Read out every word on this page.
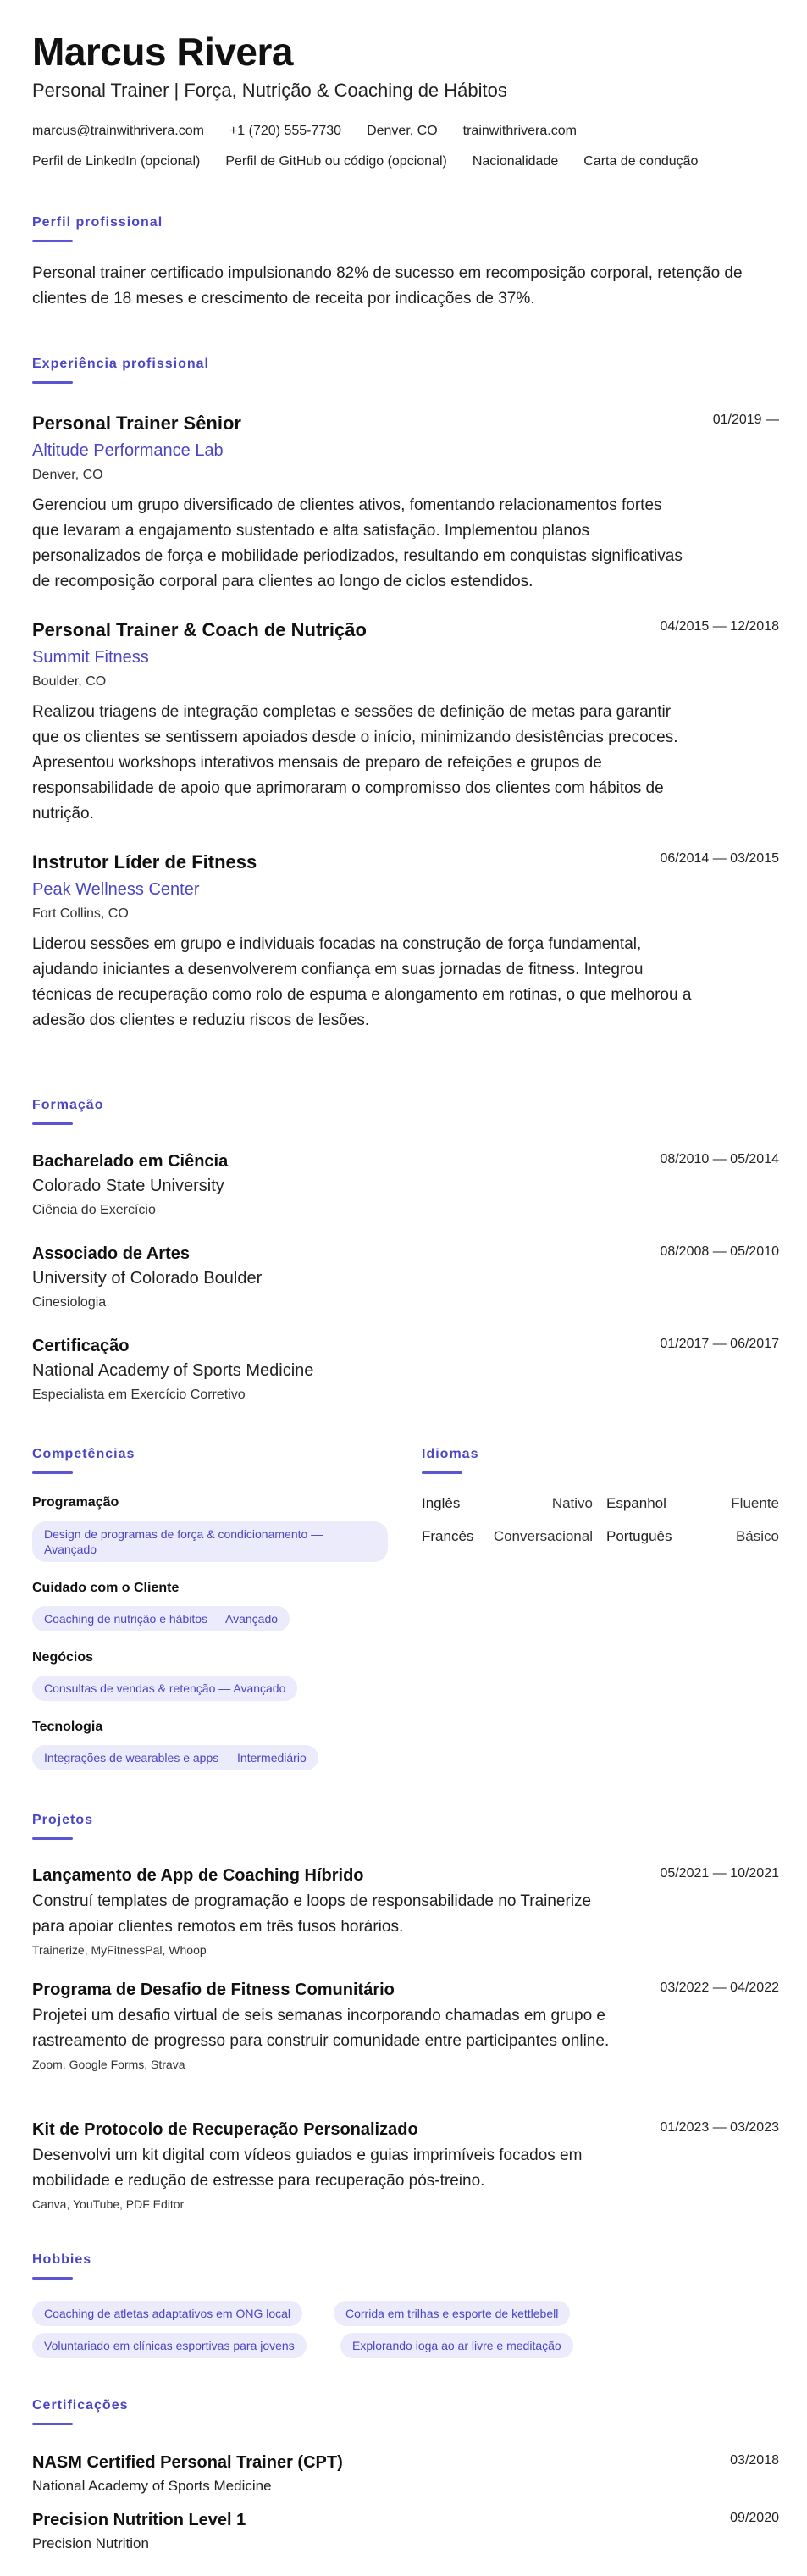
Marcus Rivera
Personal Trainer | Força, Nutrição & Coaching de Hábitos
marcus@trainwithrivera.com +1 (720) 555-7730 Denver, CO trainwithrivera.com
Perfil de LinkedIn (opcional) Perfil de GitHub ou código (opcional) Nacionalidade Carta de condução
Perfil profissional
Personal trainer certificado impulsionando 82% de sucesso em recomposição corporal, retenção de clientes de 18 meses e crescimento de receita por indicações de 37%.
Experiência profissional
Personal Trainer Sênior	01/2019 —
Altitude Performance Lab
Denver, CO
Gerenciou um grupo diversificado de clientes ativos, fomentando relacionamentos fortes que levaram a engajamento sustentado e alta satisfação. Implementou planos personalizados de força e mobilidade periodizados, resultando em conquistas significativas de recomposição corporal para clientes ao longo de ciclos estendidos.
Personal Trainer & Coach de Nutrição	04/2015 — 12/2018
Summit Fitness
Boulder, CO
Realizou triagens de integração completas e sessões de definição de metas para garantir que os clientes se sentissem apoiados desde o início, minimizando desistências precoces. Apresentou workshops interativos mensais de preparo de refeições e grupos de responsabilidade de apoio que aprimoraram o compromisso dos clientes com hábitos de nutrição.
Instrutor Líder de Fitness	06/2014 — 03/2015
Peak Wellness Center
Fort Collins, CO
Liderou sessões em grupo e individuais focadas na construção de força fundamental, ajudando iniciantes a desenvolverem confiança em suas jornadas de fitness. Integrou técnicas de recuperação como rolo de espuma e alongamento em rotinas, o que melhorou a adesão dos clientes e reduziu riscos de lesões.
Formação
Bacharelado em Ciência	08/2010 — 05/2014
Colorado State University
Ciência do Exercício
Associado de Artes	08/2008 — 05/2010
University of Colorado Boulder
Cinesiologia
Certificação	01/2017 — 06/2017
National Academy of Sports Medicine
Especialista em Exercício Corretivo
Competências
Programação
Design de programas de força & condicionamento — Avançado
Cuidado com o Cliente
Coaching de nutrição e hábitos — Avançado
Negócios
Consultas de vendas & retenção — Avançado
Tecnologia
Integrações de wearables e apps — Intermediário
Idiomas
Inglês	Nativo Espanhol	Fluente
Francês	Conversacional Português	Básico
Projetos
Lançamento de App de Coaching Híbrido	05/2021 — 10/2021
Construí templates de programação e loops de responsabilidade no Trainerize para apoiar clientes remotos em três fusos horários.
Trainerize, MyFitnessPal, Whoop
Programa de Desafio de Fitness Comunitário	03/2022 — 04/2022
Projetei um desafio virtual de seis semanas incorporando chamadas em grupo e rastreamento de progresso para construir comunidade entre participantes online.
Zoom, Google Forms, Strava
Kit de Protocolo de Recuperação Personalizado	01/2023 — 03/2023
Desenvolvi um kit digital com vídeos guiados e guias imprimíveis focados em mobilidade e redução de estresse para recuperação pós-treino.
Canva, YouTube, PDF Editor
Hobbies
Coaching de atletas adaptativos em ONG local	Corrida em trilhas e esporte de kettlebell
Voluntariado em clínicas esportivas para jovens	Explorando ioga ao ar livre e meditação
Certificações
NASM Certified Personal Trainer (CPT)	03/2018
National Academy of Sports Medicine
Precision Nutrition Level 1	09/2020
Precision Nutrition
